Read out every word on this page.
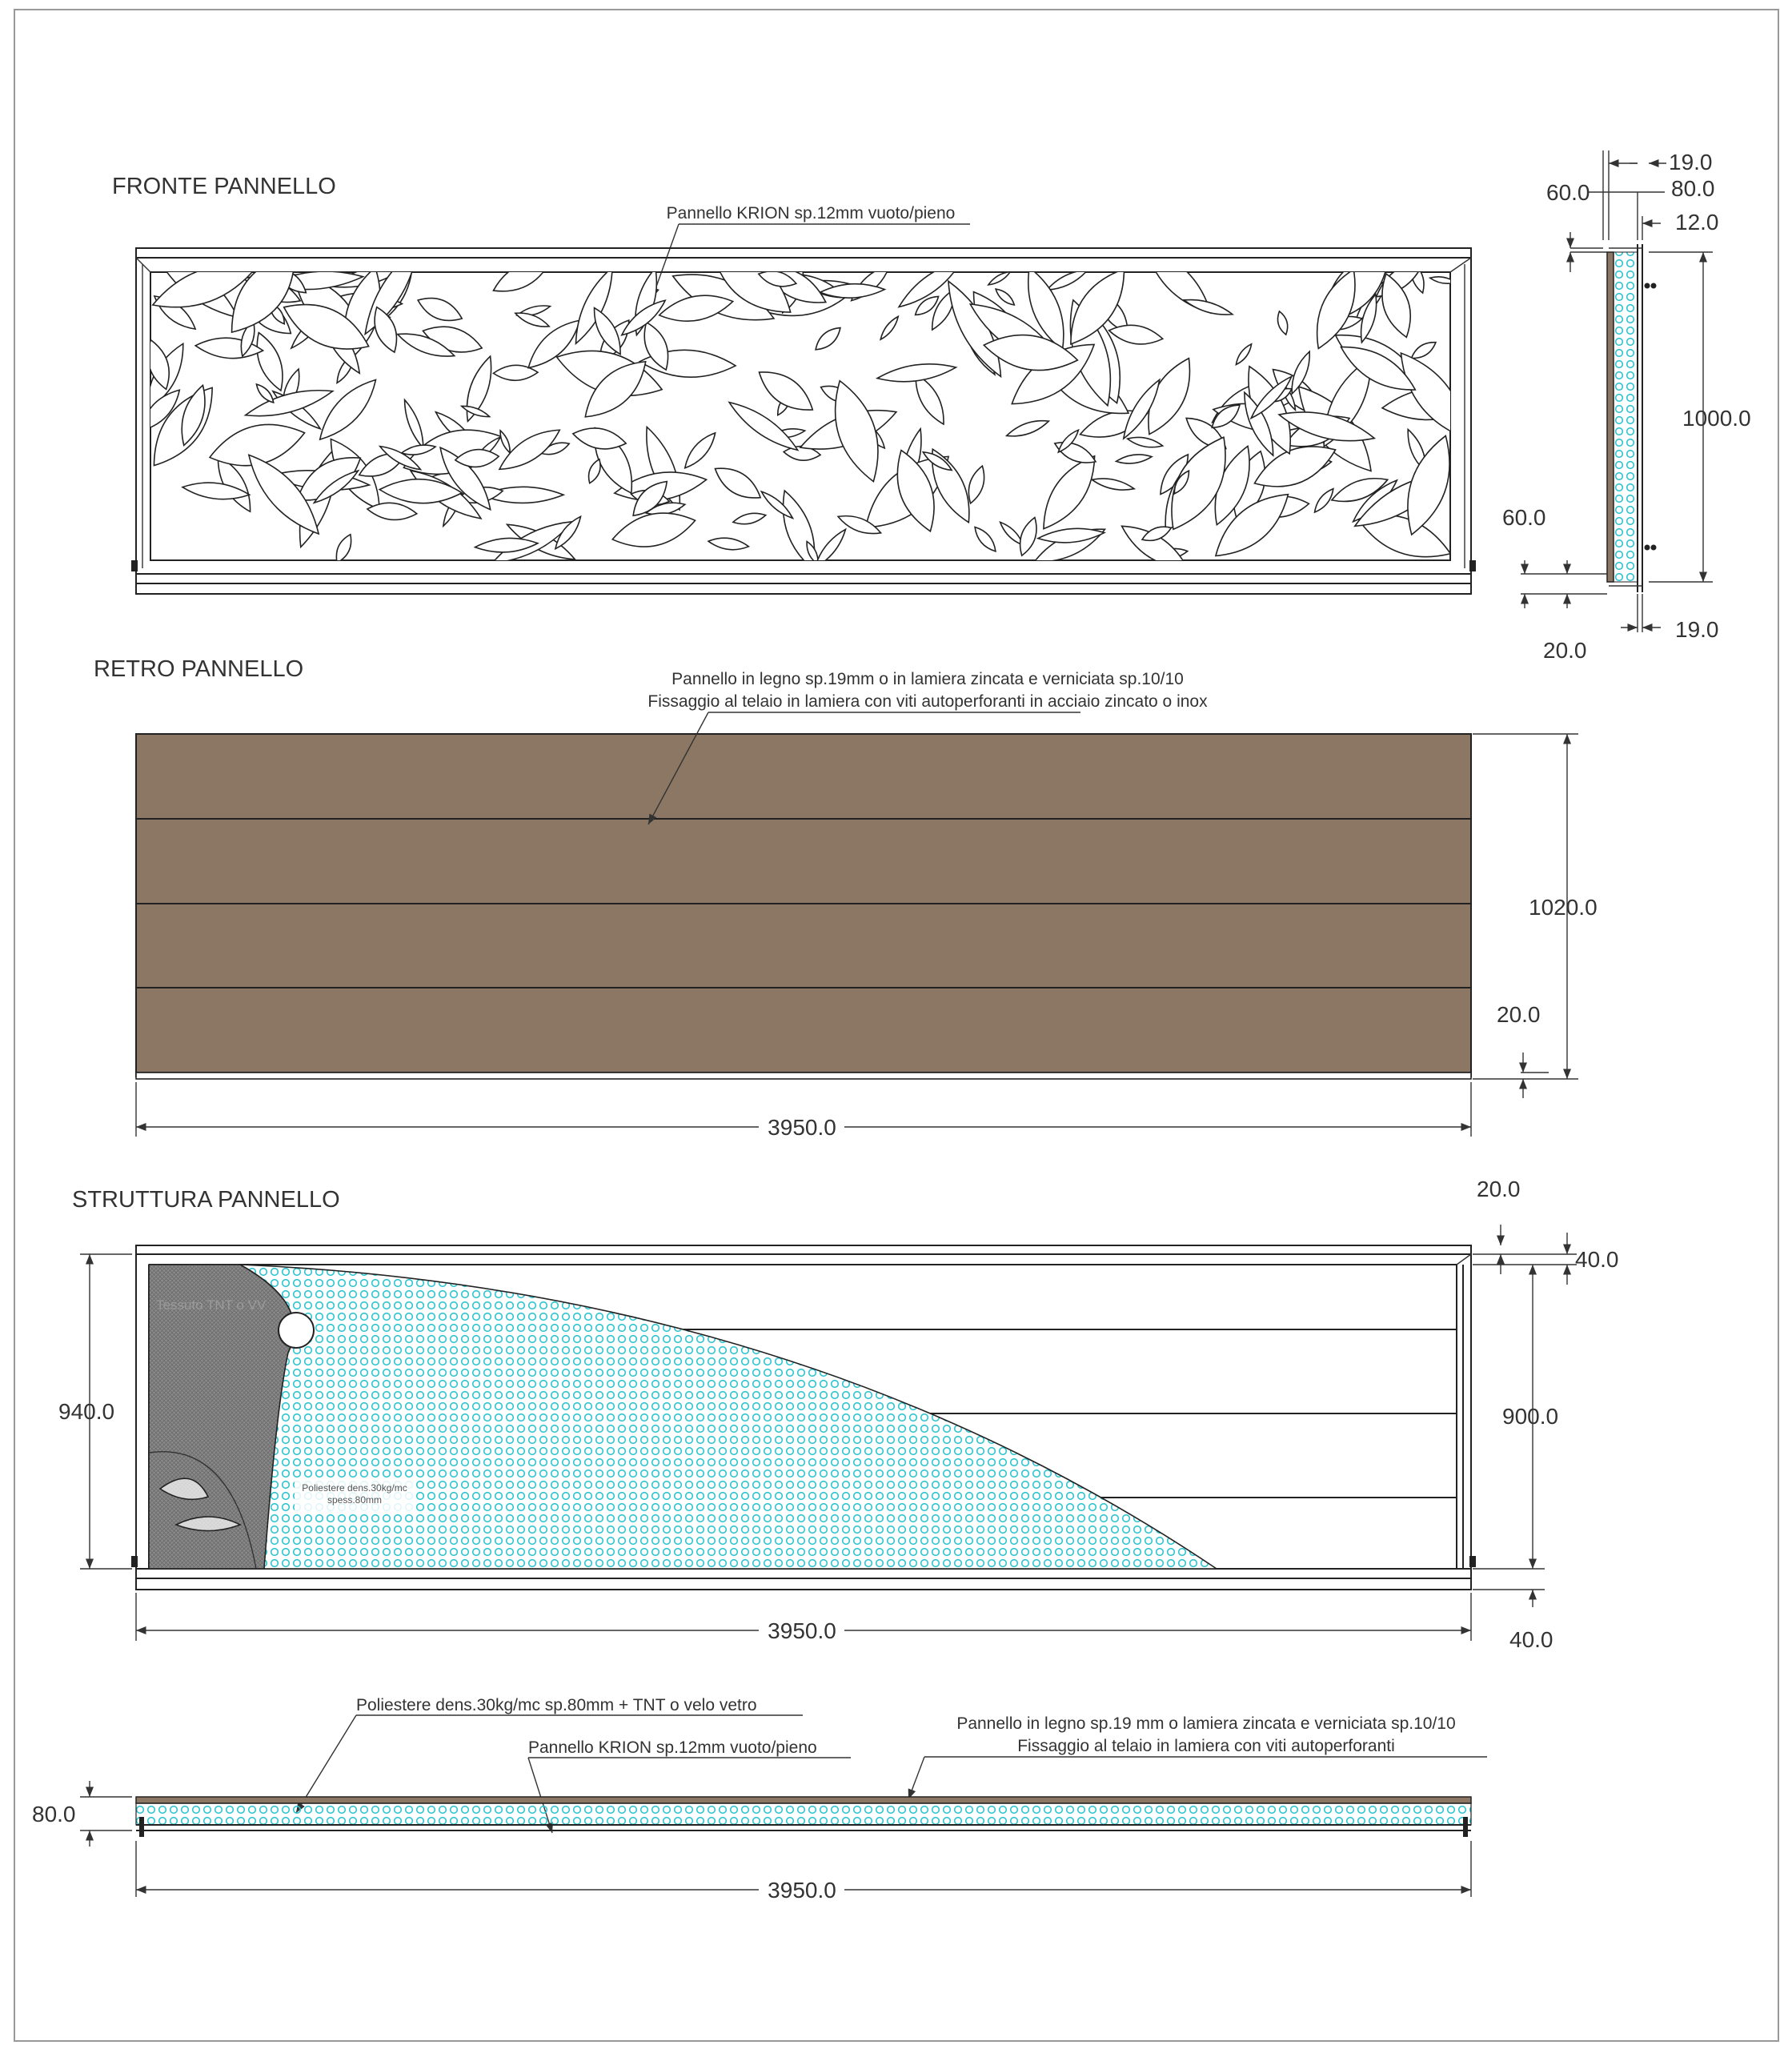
FRONTE PANNELLO
Pannello KRION sp.12mm vuoto/pieno
19.0
60.0	80.0
12.0
1000.0
60.0
20.0
19.0
RETRO PANNELLO	Pannello in legno sp.19mm o in lamiera zincata e verniciata sp.10/10
Fissaggio al telaio in lamiera con viti autoperforanti in acciaio zincato o inox
1020.0
20.0
3950.0
STRUTTURA PANNELLO	20.0
Tessuto TNT o VV
Poliestere dens.30kg/mc
spess.80mm
940.0
40.0
900.0
40.0
3950.0
Poliestere dens.30kg/mc sp.80mm + TNT o velo vetro
Pannello KRION sp.12mm vuoto/pieno
Pannello in legno sp.19 mm o lamiera zincata e verniciata sp.10/10
Fissaggio al telaio in lamiera con viti autoperforanti
80.0
3950.0
